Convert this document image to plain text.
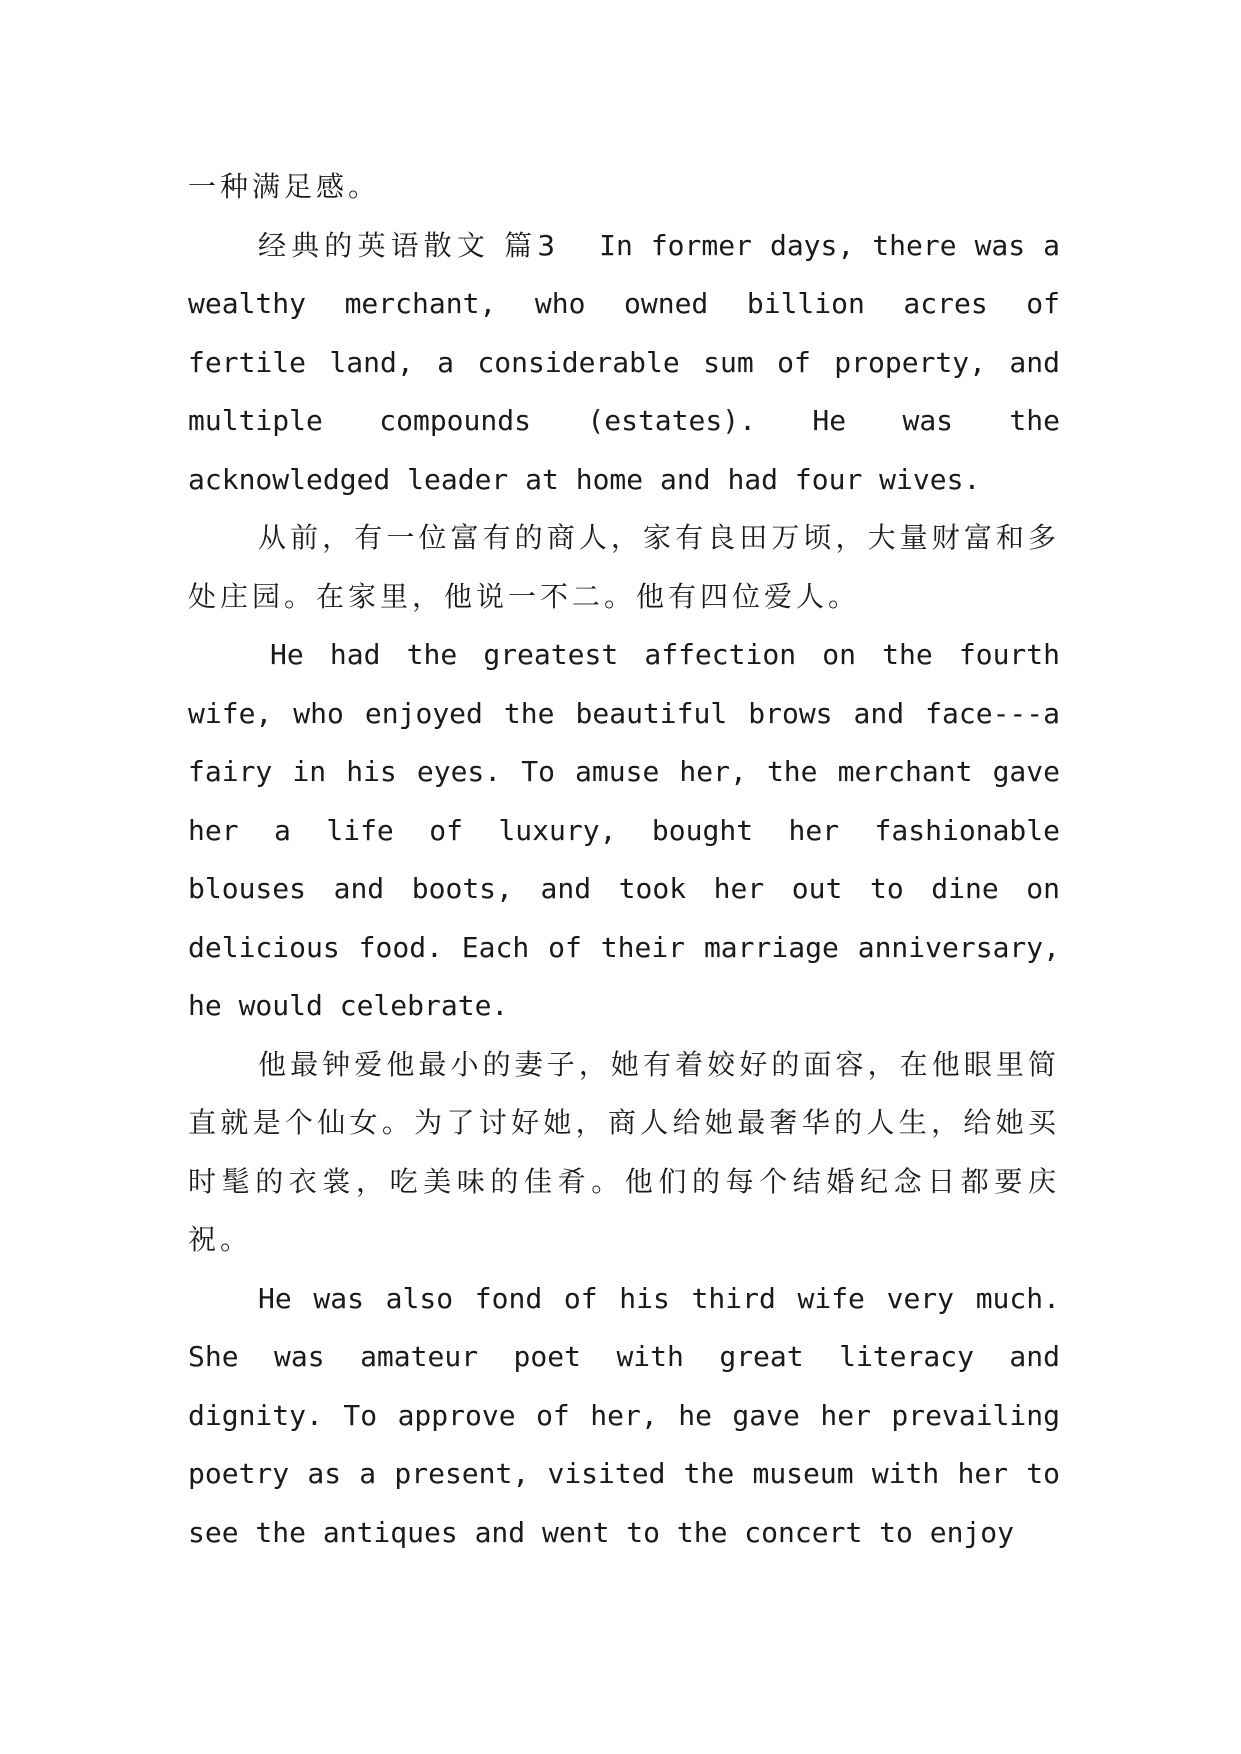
一种满足感。

经典的英语散文 篇3 In former days, there was a wealthy merchant, who owned billion acres of fertile land, a considerable sum of property, and multiple compounds (estates). He was the acknowledged leader at home and had four wives.

从前，有一位富有的商人，家有良田万顷，大量财富和多处庄园。在家里，他说一不二。他有四位爱人。

He had the greatest affection on the fourth wife, who enjoyed the beautiful brows and face---a fairy in his eyes. To amuse her, the merchant gave her a life of luxury, bought her fashionable blouses and boots, and took her out to dine on delicious food. Each of their marriage anniversary, he would celebrate.

他最钟爱他最小的妻子，她有着姣好的面容，在他眼里简直就是个仙女。为了讨好她，商人给她最奢华的人生，给她买时髦的衣裳，吃美味的佳肴。他们的每个结婚纪念日都要庆祝。

He was also fond of his third wife very much. She was amateur poet with great literacy and dignity. To approve of her, he gave her prevailing poetry as a present, visited the museum with her to see the antiques and went to the concert to enjoy
